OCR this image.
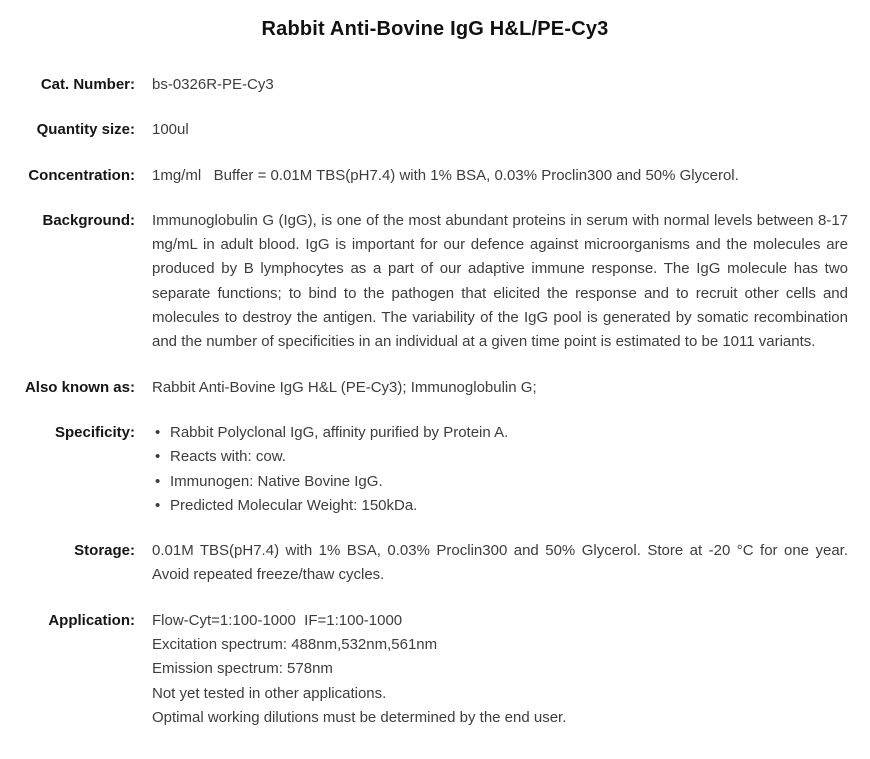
Rabbit Anti-Bovine IgG H&L/PE-Cy3
Cat. Number: bs-0326R-PE-Cy3
Quantity size: 100ul
Concentration: 1mg/ml   Buffer = 0.01M TBS(pH7.4) with 1% BSA, 0.03% Proclin300 and 50% Glycerol.
Background: Immunoglobulin G (IgG), is one of the most abundant proteins in serum with normal levels between 8-17 mg/mL in adult blood. IgG is important for our defence against microorganisms and the molecules are produced by B lymphocytes as a part of our adaptive immune response. The IgG molecule has two separate functions; to bind to the pathogen that elicited the response and to recruit other cells and molecules to destroy the antigen. The variability of the IgG pool is generated by somatic recombination and the number of specificities in an individual at a given time point is estimated to be 1011 variants.
Also known as: Rabbit Anti-Bovine IgG H&L (PE-Cy3); Immunoglobulin G;
Specificity:	• Rabbit Polyclonal IgG, affinity purified by Protein A.
• Reacts with: cow.
• Immunogen: Native Bovine IgG.
• Predicted Molecular Weight: 150kDa.
Storage: 0.01M TBS(pH7.4) with 1% BSA, 0.03% Proclin300 and 50% Glycerol. Store at -20 °C for one year. Avoid repeated freeze/thaw cycles.
Application: Flow-Cyt=1:100-1000  IF=1:100-1000
Excitation spectrum: 488nm,532nm,561nm
Emission spectrum: 578nm
Not yet tested in other applications.
Optimal working dilutions must be determined by the end user.
